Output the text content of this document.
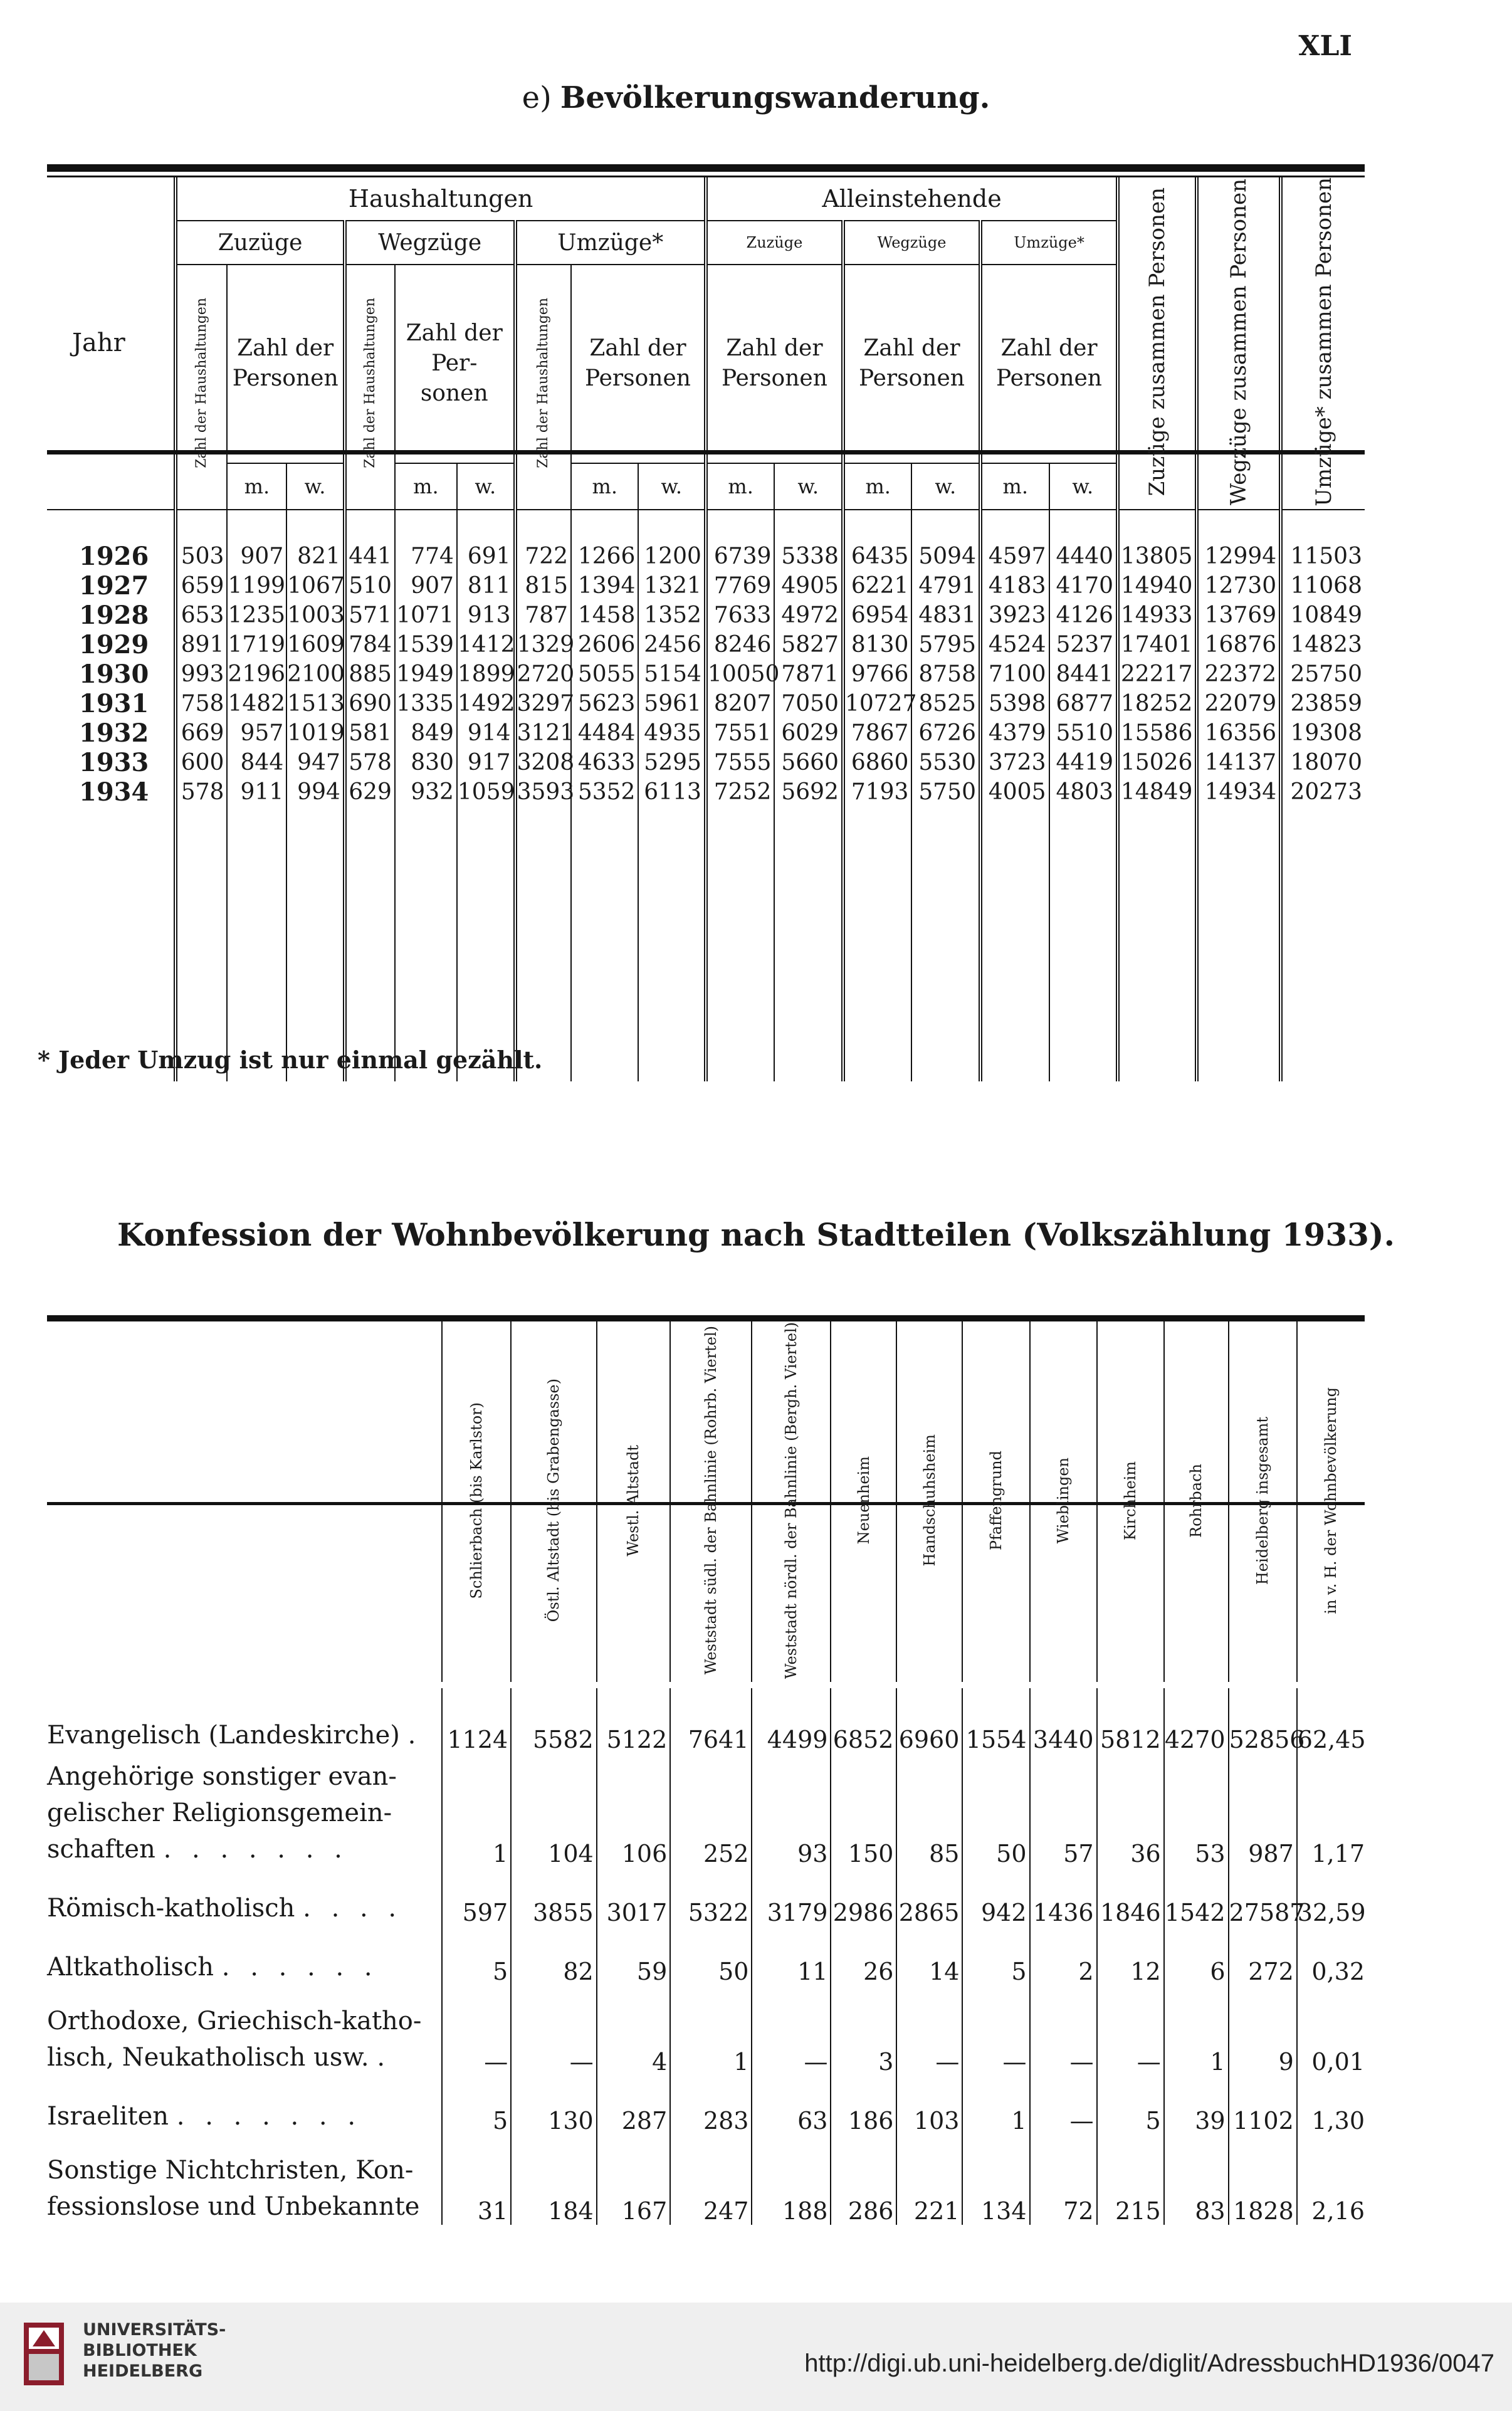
XLI
e) Bevölkerungswanderung.
Jahr	Haushaltungen									Alleinstehende						Zuzüge zusammen Personen	Wegzüge zusammen Personen	Umzüge* zusammen Personen
	Zuzüge			Wegzüge			Umzüge*			Zuzüge		Wegzüge		Umzüge*				
	Zahl der Haushaltungen	Zahl der Personen		Zahl der Haushaltungen	Zahl der Per- sonen		Zahl der Haushaltungen	Zahl der Personen		Zahl der Personen		Zahl der Personen		Zahl der Personen				
		m.	w.		m.	w.		m.	w.	m.	w.	m.	w.	m.	w.			

1926	503	907	821	441	774	691	722	1266	1200	6739	5338	6435	5094	4597	4440	13805	12994	11503
1927	659	1199	1067	510	907	811	815	1394	1321	7769	4905	6221	4791	4183	4170	14940	12730	11068
1928	653	1235	1003	571	1071	913	787	1458	1352	7633	4972	6954	4831	3923	4126	14933	13769	10849
1929	891	1719	1609	784	1539	1412	1329	2606	2456	8246	5827	8130	5795	4524	5237	17401	16876	14823
1930	993	2196	2100	885	1949	1899	2720	5055	5154	10050	7871	9766	8758	7100	8441	22217	22372	25750
1931	758	1482	1513	690	1335	1492	3297	5623	5961	8207	7050	10727	8525	5398	6877	18252	22079	23859
1932	669	957	1019	581	849	914	3121	4484	4935	7551	6029	7867	6726	4379	5510	15586	16356	19308
1933	600	844	947	578	830	917	3208	4633	5295	7555	5660	6860	5530	3723	4419	15026	14137	18070
1934	578	911	994	629	932	1059	3593	5352	6113	7252	5692	7193	5750	4005	4803	14849	14934	20273

* Jeder Umzug ist nur einmal gezählt.
Konfession der Wohnbevölkerung nach Stadtteilen (Volkszählung 1933).
	Schlierbach (bis Karlstor)	Östl. Altstadt (bis Grabengasse)	Westl. Altstadt	Weststadt südl. der Bahnlinie (Rohrb. Viertel)	Weststadt nördl. der Bahnlinie (Bergh. Viertel)	Neuenheim	Handschuhsheim	Pfaffengrund	Wieblingen	Kirchheim	Rohrbach	Heidelberg insgesamt	in v. H. der Wohnbevölkerung

Evangelisch (Landeskirche) .	1124	5582	5122	7641	4499	6852	6960	1554	3440	5812	4270	52856	62,45
Angehörige sonstiger evan- gelischer Religionsgemein- schaften . . . . . . .	1	104	106	252	93	150	85	50	57	36	53	987	1,17
Römisch-katholisch . . . .	597	3855	3017	5322	3179	2986	2865	942	1436	1846	1542	27587	32,59
Altkatholisch . . . . . .	5	82	59	50	11	26	14	5	2	12	6	272	0,32
Orthodoxe, Griechisch-katho- lisch, Neukatholisch usw. .	—	—	4	1	—	3	—	—	—	—	1	9	0,01
Israeliten . . . . . . .	5	130	287	283	63	186	103	1	—	5	39	1102	1,30
Sonstige Nichtchristen, Kon- fessionslose und Unbekannte	31	184	167	247	188	286	221	134	72	215	83	1828	2,16
UNIVERSITÄTS-
BIBLIOTHEK
HEIDELBERG	http://digi.ub.uni-heidelberg.de/diglit/AdressbuchHD1936/0047
